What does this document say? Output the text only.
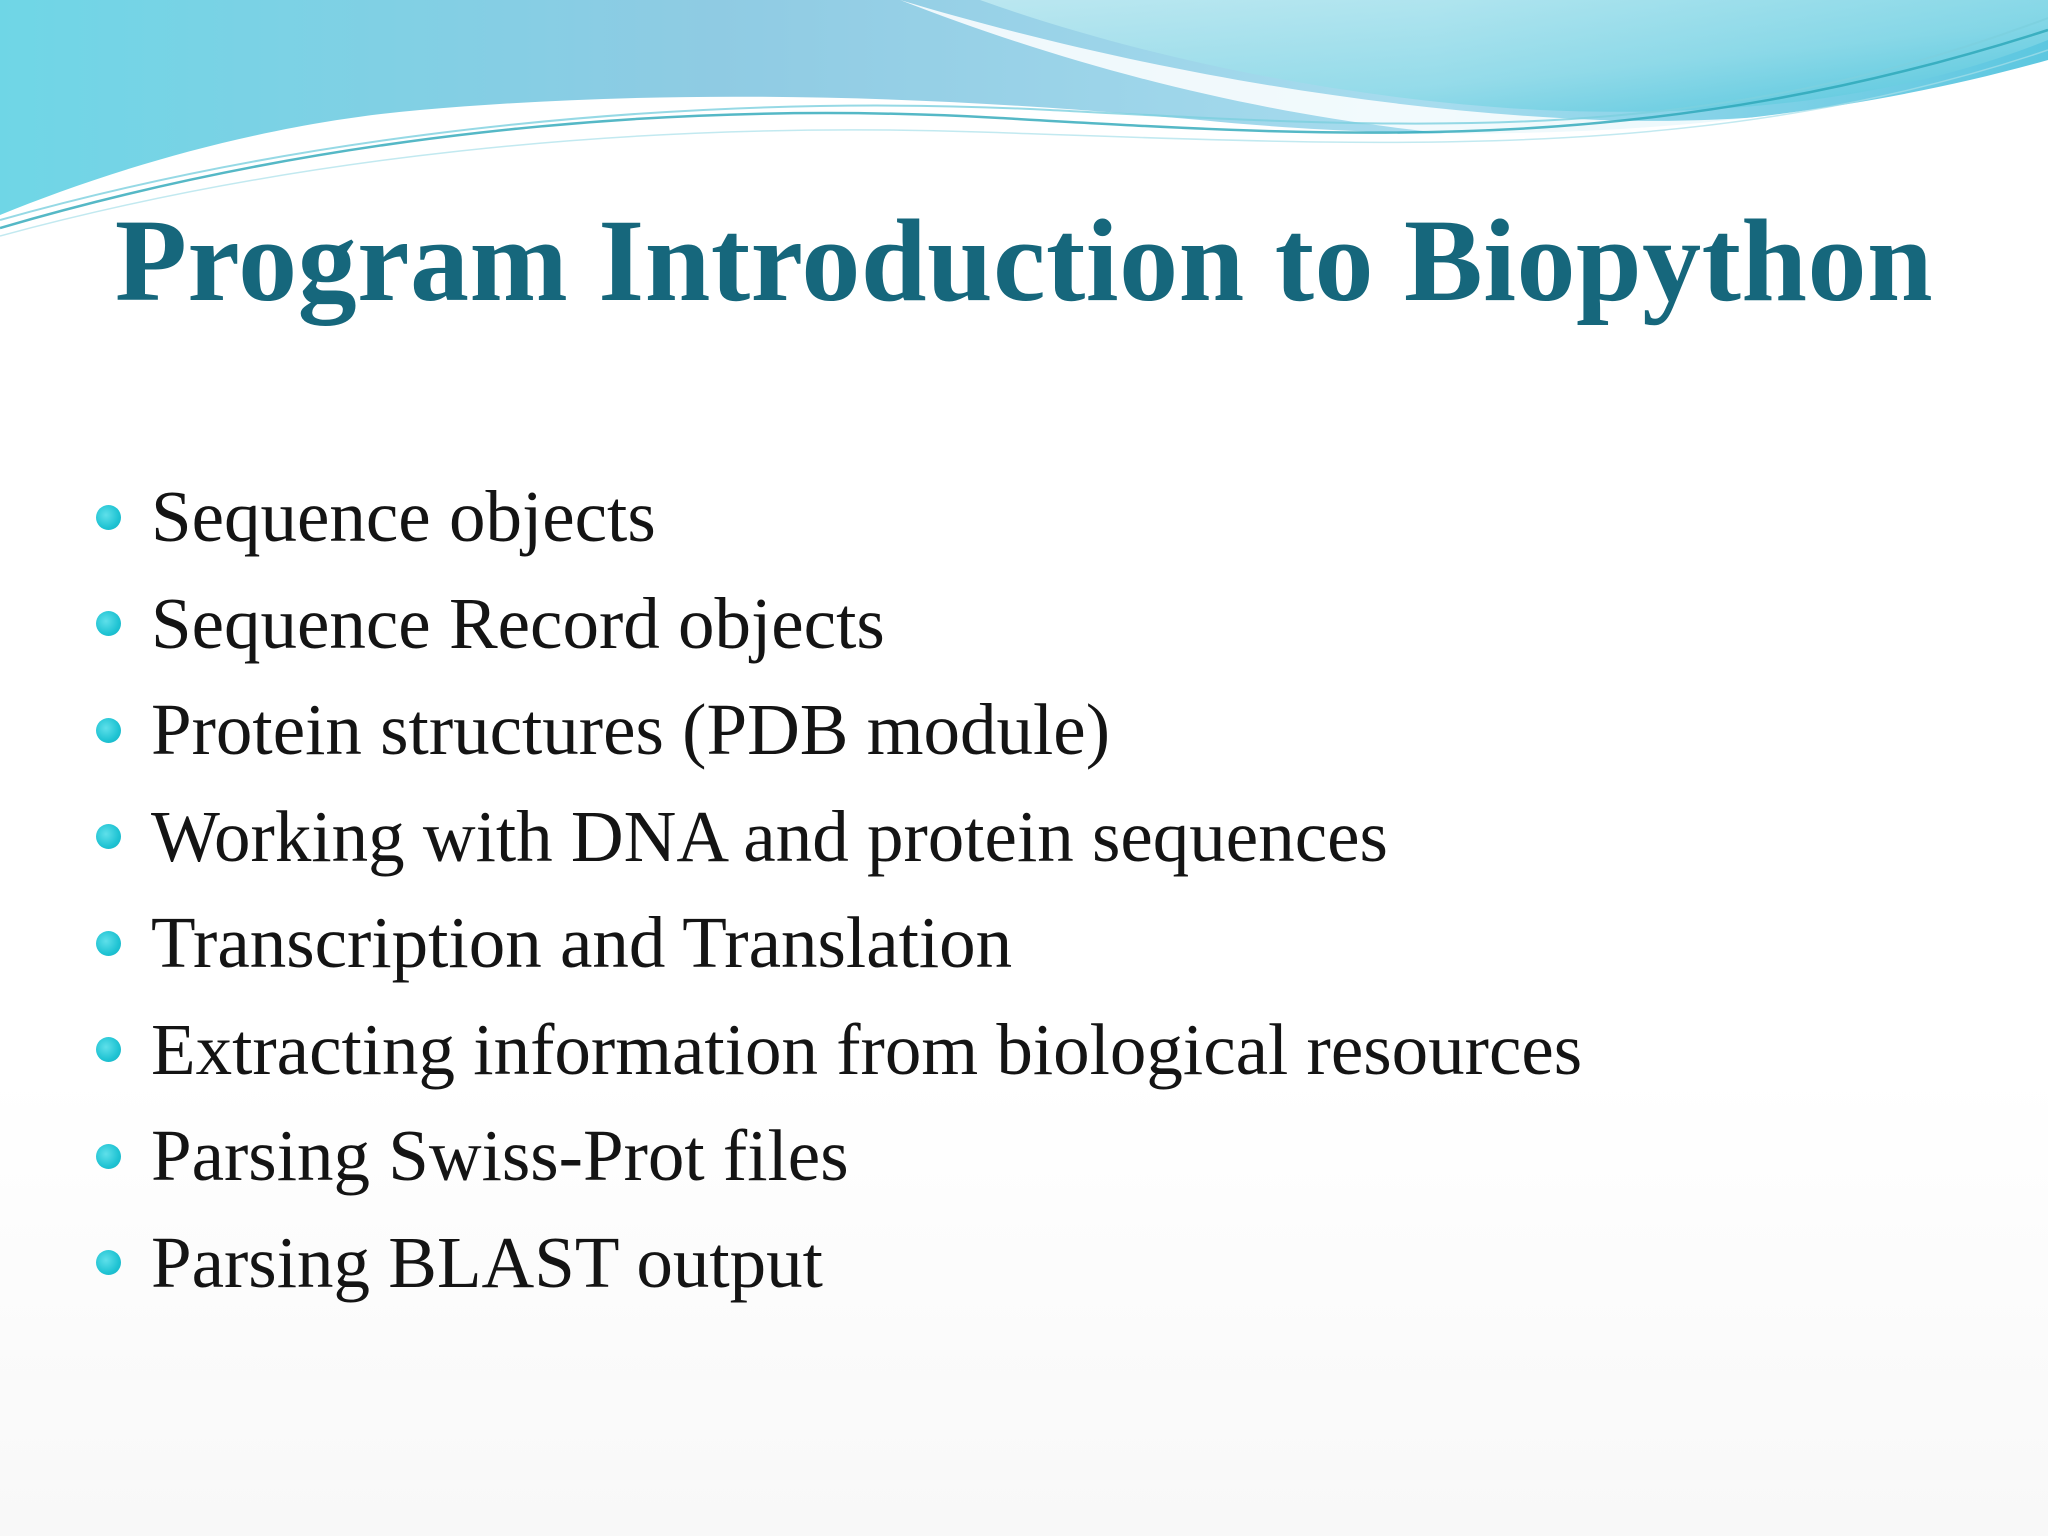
Program Introduction to Biopython
Sequence objects
Sequence Record objects
Protein structures (PDB module)
Working with DNA and protein sequences
Transcription and Translation
Extracting information from biological resources
Parsing Swiss-Prot files
Parsing BLAST output
